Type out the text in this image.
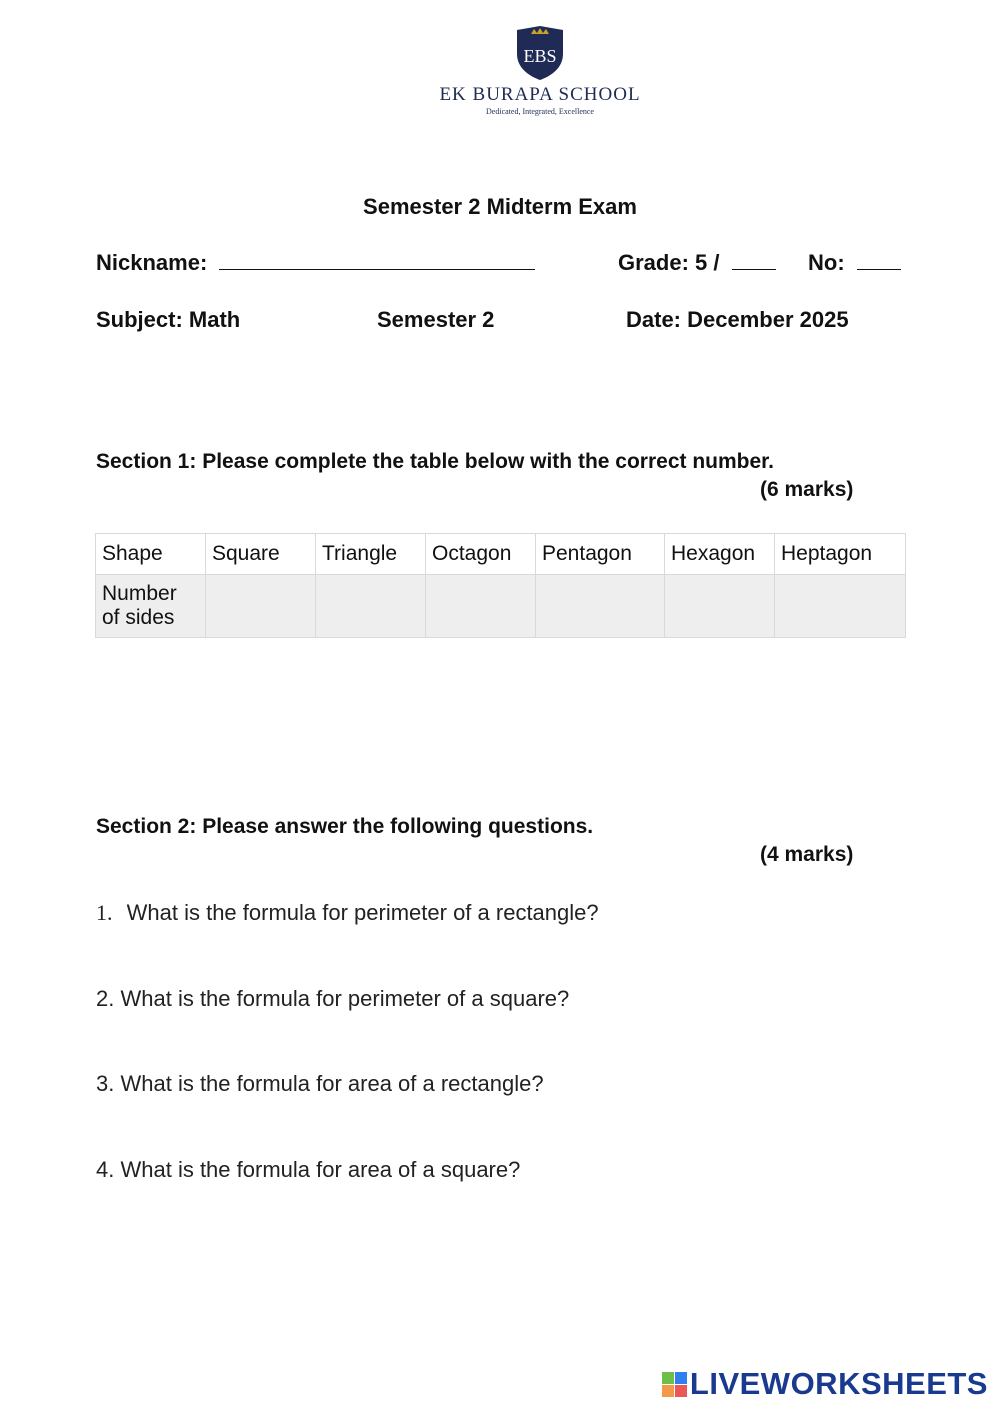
EBS
EK BURAPA SCHOOL
Dedicated, Integrated, Excellence
Semester 2 Midterm Exam
Nickname:	Grade: 5 /	No:
Subject: Math	Semester 2	Date: December 2025
Section 1: Please complete the table below with the correct number.
(6 marks)
Shape	Square	Triangle	Octagon	Pentagon	Hexagon	Heptagon
Number of sides						
Section 2: Please answer the following questions.
(4 marks)
1. What is the formula for perimeter of a rectangle?
2. What is the formula for perimeter of a square?
3. What is the formula for area of a rectangle?
4. What is the formula for area of a square?
LIVEWORKSHEETS
